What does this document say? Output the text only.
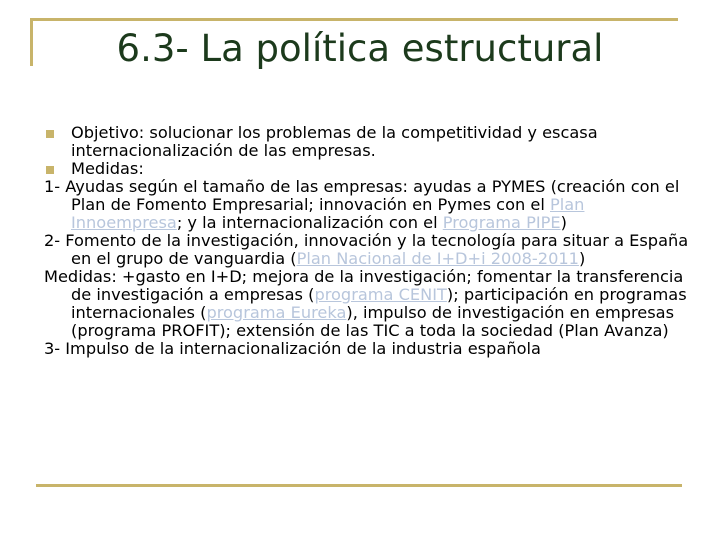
6.3- La política estructural

Objetivo: solucionar los problemas de la competitividad y escasa internacionalización de las empresas.

Medidas:

1- Ayudas según el tamaño de las empresas: ayudas a PYMES (creación con el Plan de Fomento Empresarial; innovación en Pymes con el Plan Innoempresa; y la internacionalización con el Programa PIPE)

2- Fomento de la investigación, innovación y la tecnología para situar a España en el grupo de vanguardia (Plan Nacional de I+D+i 2008-2011)

Medidas: +gasto en I+D; mejora de la investigación; fomentar la transferencia de investigación a empresas (programa CENIT); participación en programas internacionales (programa Eureka), impulso de investigación en empresas (programa PROFIT); extensión de las TIC a toda la sociedad (Plan Avanza)

3- Impulso de la internacionalización de la industria española
